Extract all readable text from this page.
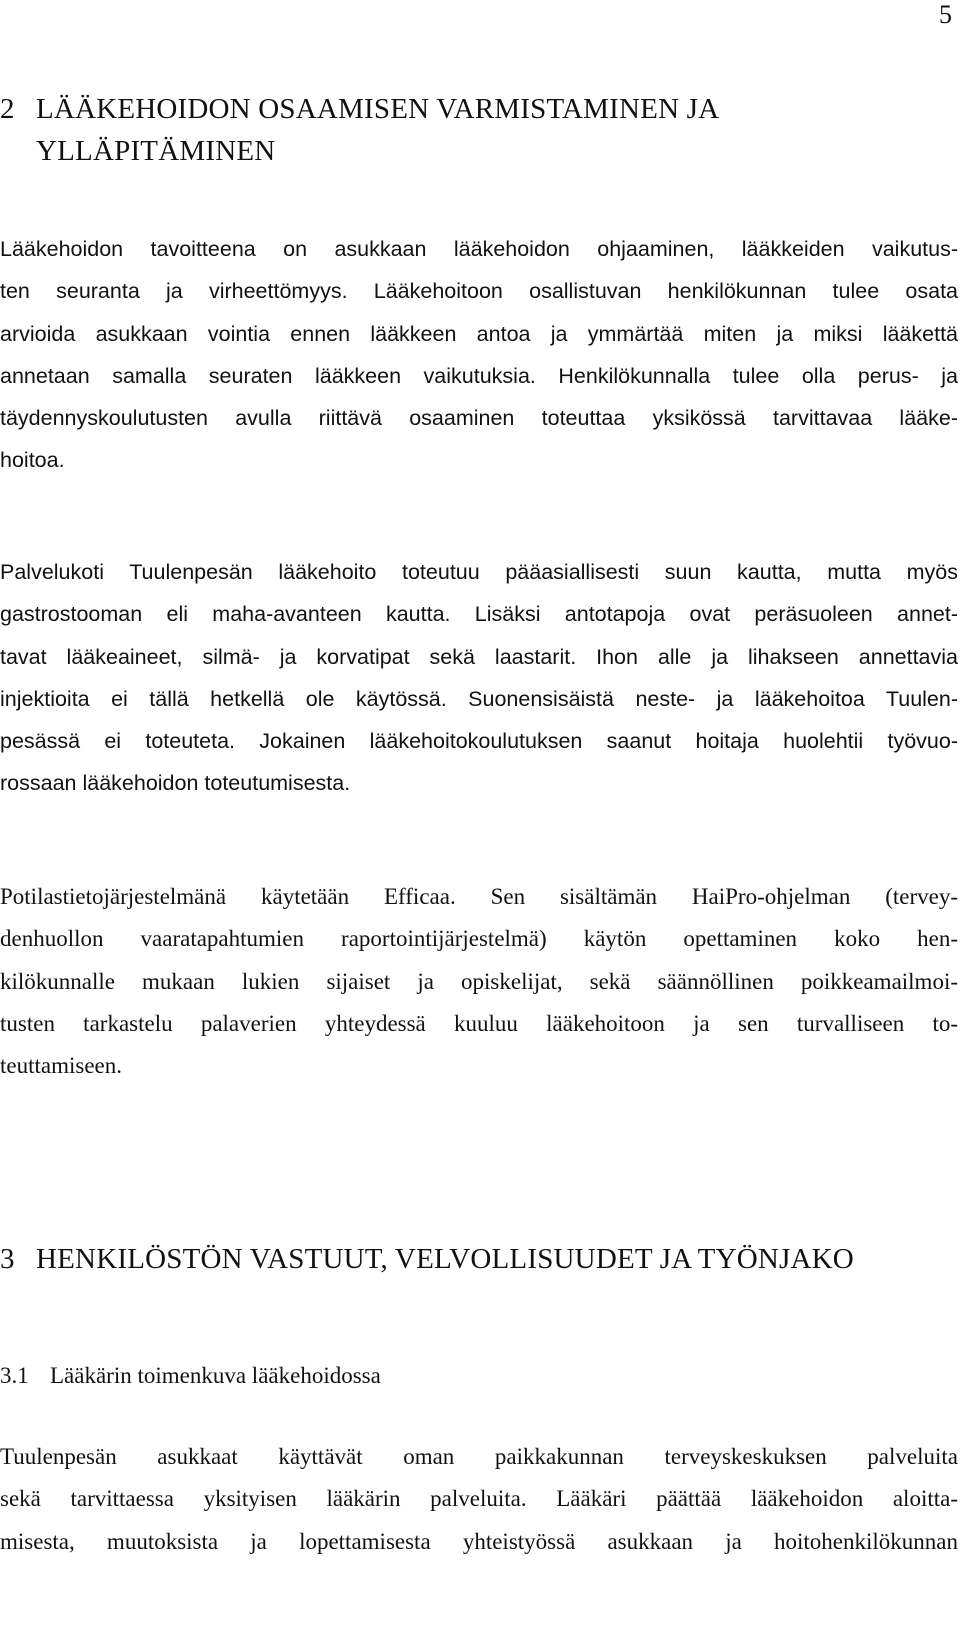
5
2 LÄÄKEHOIDON OSAAMISEN VARMISTAMINEN JA
YLLÄPITÄMINEN
Lääkehoidon tavoitteena on asukkaan lääkehoidon ohjaaminen, lääkkeiden vaikutus-
ten seuranta ja virheettömyys. Lääkehoitoon osallistuvan henkilökunnan tulee osata
arvioida asukkaan vointia ennen lääkkeen antoa ja ymmärtää miten ja miksi lääkettä
annetaan samalla seuraten lääkkeen vaikutuksia. Henkilökunnalla tulee olla perus- ja
täydennyskoulutusten avulla riittävä osaaminen toteuttaa yksikössä tarvittavaa lääke-
hoitoa.
Palvelukoti Tuulenpesän lääkehoito toteutuu pääasiallisesti suun kautta, mutta myös
gastrostooman eli maha-avanteen kautta. Lisäksi antotapoja ovat peräsuoleen annet-
tavat lääkeaineet, silmä- ja korvatipat sekä laastarit. Ihon alle ja lihakseen annettavia
injektioita ei tällä hetkellä ole käytössä. Suonensisäistä neste- ja lääkehoitoa Tuulen-
pesässä ei toteuteta. Jokainen lääkehoitokoulutuksen saanut hoitaja huolehtii työvuo-
rossaan lääkehoidon toteutumisesta.
Potilastietojärjestelmänä käytetään Efficaa. Sen sisältämän HaiPro-ohjelman (tervey-
denhuollon vaaratapahtumien raportointijärjestelmä) käytön opettaminen koko hen-
kilökunnalle mukaan lukien sijaiset ja opiskelijat, sekä säännöllinen poikkeamailmoi-
tusten tarkastelu palaverien yhteydessä kuuluu lääkehoitoon ja sen turvalliseen to-
teuttamiseen.
3 HENKILÖSTÖN VASTUUT, VELVOLLISUUDET JA TYÖNJAKO
3.1 Lääkärin toimenkuva lääkehoidossa
Tuulenpesän asukkaat käyttävät oman paikkakunnan terveyskeskuksen palveluita
sekä tarvittaessa yksityisen lääkärin palveluita. Lääkäri päättää lääkehoidon aloitta-
misesta, muutoksista ja lopettamisesta yhteistyössä asukkaan ja hoitohenkilökunnan
